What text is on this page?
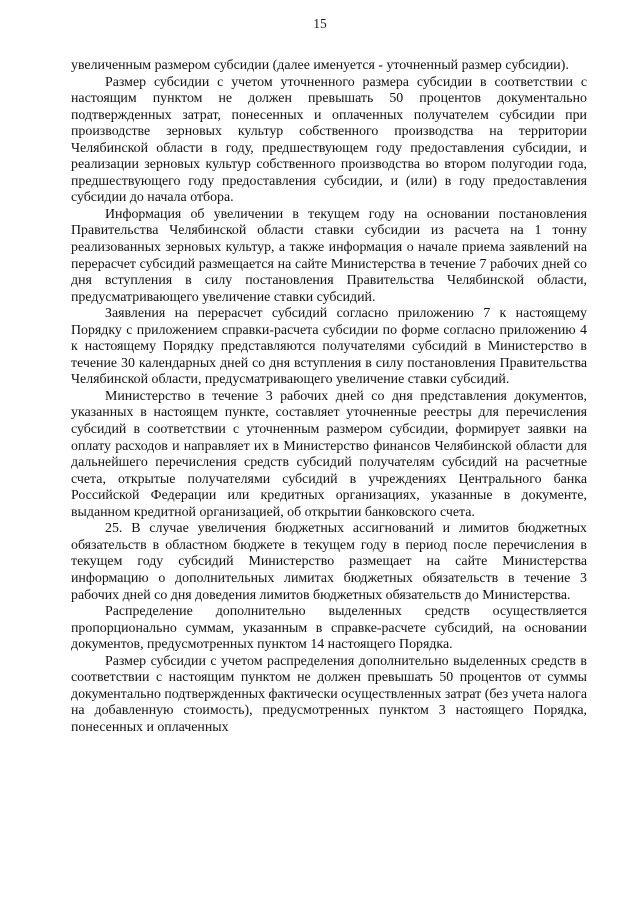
15

увеличенным размером субсидии (далее именуется - уточненный размер субсидии).

Размер субсидии с учетом уточненного размера субсидии в соответствии с настоящим пунктом не должен превышать 50 процентов документально подтвержденных затрат, понесенных и оплаченных получателем субсидии при производстве зерновых культур собственного производства на территории Челябинской области в году, предшествующем году предоставления субсидии, и реализации зерновых культур собственного производства во втором полугодии года, предшествующего году предоставления субсидии, и (или) в году предоставления субсидии до начала отбора.

Информация об увеличении в текущем году на основании постановления Правительства Челябинской области ставки субсидии из расчета на 1 тонну реализованных зерновых культур, а также информация о начале приема заявлений на перерасчет субсидий размещается на сайте Министерства в течение 7 рабочих дней со дня вступления в силу постановления Правительства Челябинской области, предусматривающего увеличение ставки субсидий.

Заявления на перерасчет субсидий согласно приложению 7 к настоящему Порядку с приложением справки-расчета субсидии по форме согласно приложению 4 к настоящему Порядку представляются получателями субсидий в Министерство в течение 30 календарных дней со дня вступления в силу постановления Правительства Челябинской области, предусматривающего увеличение ставки субсидий.

Министерство в течение 3 рабочих дней со дня представления документов, указанных в настоящем пункте, составляет уточненные реестры для перечисления субсидий в соответствии с уточненным размером субсидии, формирует заявки на оплату расходов и направляет их в Министерство финансов Челябинской области для дальнейшего перечисления средств субсидий получателям субсидий на расчетные счета, открытые получателями субсидий в учреждениях Центрального банка Российской Федерации или кредитных организациях, указанные в документе, выданном кредитной организацией, об открытии банковского счета.

25. В случае увеличения бюджетных ассигнований и лимитов бюджетных обязательств в областном бюджете в текущем году в период после перечисления в текущем году субсидий Министерство размещает на сайте Министерства информацию о дополнительных лимитах бюджетных обязательств в течение 3 рабочих дней со дня доведения лимитов бюджетных обязательств до Министерства.

Распределение дополнительно выделенных средств осуществляется пропорционально суммам, указанным в справке-расчете субсидий, на основании документов, предусмотренных пунктом 14 настоящего Порядка.

Размер субсидии с учетом распределения дополнительно выделенных средств в соответствии с настоящим пунктом не должен превышать 50 процентов от суммы документально подтвержденных фактически осуществленных затрат (без учета налога на добавленную стоимость), предусмотренных пунктом 3 настоящего Порядка, понесенных и оплаченных
